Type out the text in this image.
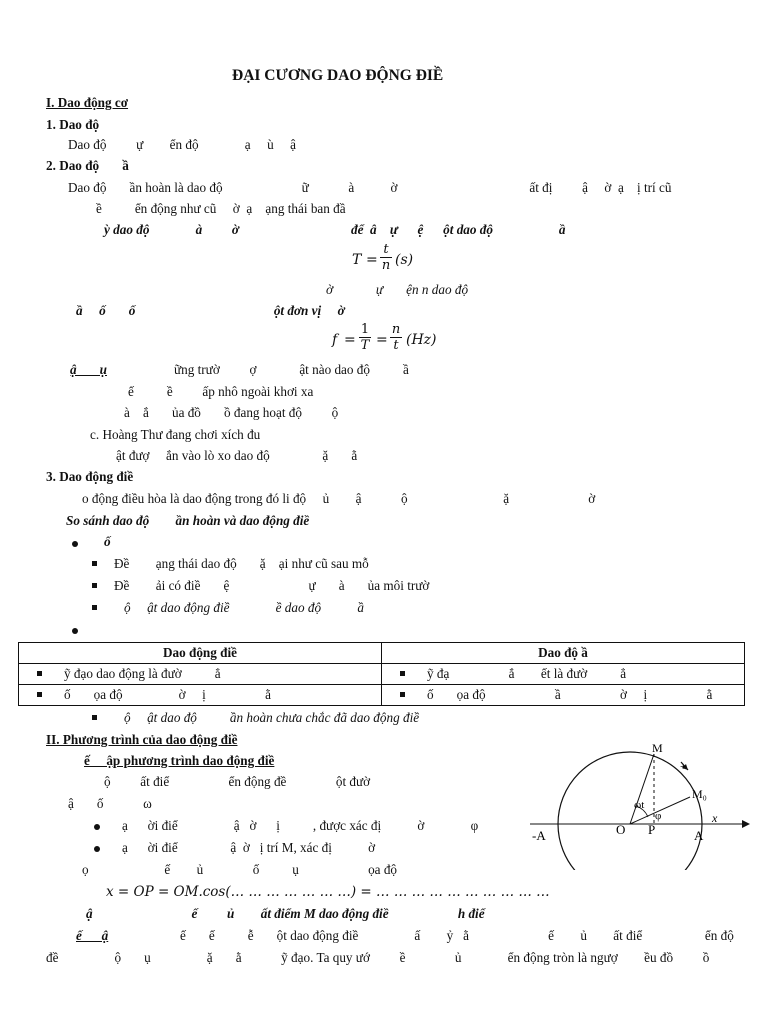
ĐẠI CƯƠNG DAO ĐỘNG ĐIỀ
I. Dao động cơ
1. Dao độ
Dao độ         ự        ển độ              ạ     ù     ậ
2. Dao độ       ầ
Dao độ       ần hoàn là dao độ                        ữ            à           ờ                                        ất đị         ậ     ờ  ạ    ị trí cũ
ề          ển động như cũ     ờ  ạ    ạng thái ban đầ
ỳ dao độ              à         ờ                                  để  â    ự      ệ      ột dao độ                    ầ
$T = \frac{t}{n} (s)$
ờ             ự       ện n dao độ
ầ     ố       ố                                          ột đơn vị     ờ
$f = \frac{1}{T} = \frac{n}{t} (Hz)$
ậ       ụ	ững trườ         ợ             ật nào dao độ          ầ
ế          ề         ấp nhô ngoài khơi xa
à    ắ       ủa đồ       ồ đang hoạt độ         ộ
c. Hoàng Thư đang chơi xích đu
ật đượ     ắn vào lò xo dao độ                ặ       ằ
3. Dao động điề
o động điều hòa là dao động trong đó li độ     ủ        ậ            ộ                             ặ                        ờ
So sánh dao độ        ần hoàn và dao động điề
ố
Đề        ạng thái dao độ       ặ    ại như cũ sau mỗ
Đề        ải có điề       ệ                        ự       à       ủa môi trườ
ộ     ật dao động điề              ề dao độ           ầ
Dao động điề	Dao độ ầ
ỹ đạo dao động là đườ          ẳ	ỹ đạ                  ắ        ết là đườ          ẳ
ố       ọa độ                 ờ     ị                  ằ	ố       ọa độ                     ầ                  ờ     ị                  ằ
ộ     ật dao độ          ần hoàn chưa chắc đã dao động điề
II. Phương trình của dao động điề
ế     ập phương trình dao động điề
ộ         ất điể                  ển động đề               ột đườ
ậ       ố            ω
ạ      ời điể                 ậ   ờ      ị          , được xác đị           ờ              φ
ạ      ời điể                ậ  ờ   ị trí M, xác đị           ờ
ọ                       ế        ủ               ố          ụ                     ọa độ
x = OP = OM.cos(… … … … … … …) = … … … … … … … … … …
ậ                              ế         ủ        ất điểm M dao động điề                     h điể
ế      ậ	ế       ế          ễ       ột dao động điề                 ấ        ỷ   ằ                        ế        ủ        ất điể                   ển độ
đề                 ộ       ụ                 ặ       ằ            ỹ đạo. Ta quy ướ         ề               ủ              ển động tròn là ngượ        ều đồ         ồ
M
M₀
ωt
φ
-A	O P	A
x
+
